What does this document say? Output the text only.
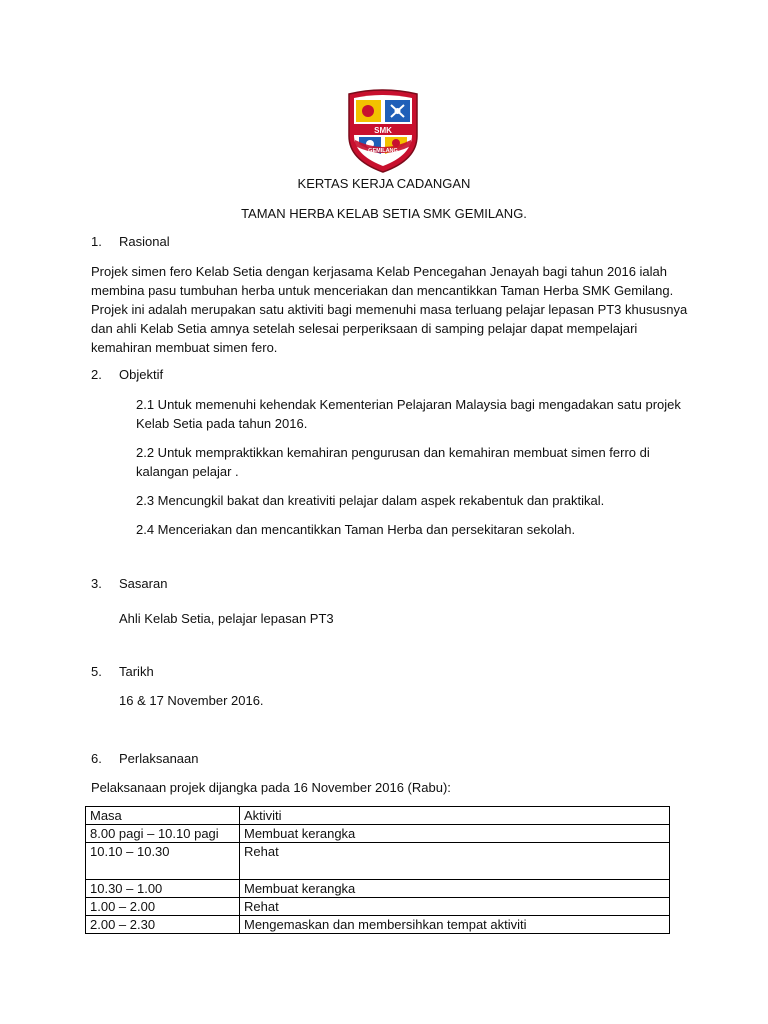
SMK
GEMILANG
KERTAS KERJA CADANGAN
TAMAN HERBA KELAB SETIA SMK GEMILANG.
1. Rasional
Projek simen fero Kelab Setia dengan kerjasama Kelab Pencegahan Jenayah bagi tahun 2016 ialah
membina pasu tumbuhan herba untuk menceriakan dan mencantikkan Taman Herba SMK Gemilang.
Projek ini adalah merupakan satu aktiviti bagi memenuhi masa terluang pelajar lepasan PT3 khususnya
dan ahli Kelab Setia amnya setelah selesai perperiksaan di samping pelajar dapat mempelajari
kemahiran membuat simen fero.
2. Objektif
2.1 Untuk memenuhi kehendak Kementerian Pelajaran Malaysia bagi mengadakan satu projek
Kelab Setia pada tahun 2016.
2.2 Untuk mempraktikkan kemahiran pengurusan dan kemahiran membuat simen ferro di
kalangan pelajar .
2.3 Mencungkil bakat dan kreativiti pelajar dalam aspek rekabentuk dan praktikal.
2.4 Menceriakan dan mencantikkan Taman Herba dan persekitaran sekolah.
3. Sasaran
Ahli Kelab Setia, pelajar lepasan PT3
5. Tarikh
16 & 17 November 2016.
6. Perlaksanaan
Pelaksanaan projek dijangka pada 16 November 2016 (Rabu):
Masa	Aktiviti
8.00 pagi – 10.10 pagi	Membuat kerangka
10.10 – 10.30	Rehat
10.30 – 1.00	Membuat kerangka
1.00 – 2.00	Rehat
2.00 – 2.30	Mengemaskan dan membersihkan tempat aktiviti
